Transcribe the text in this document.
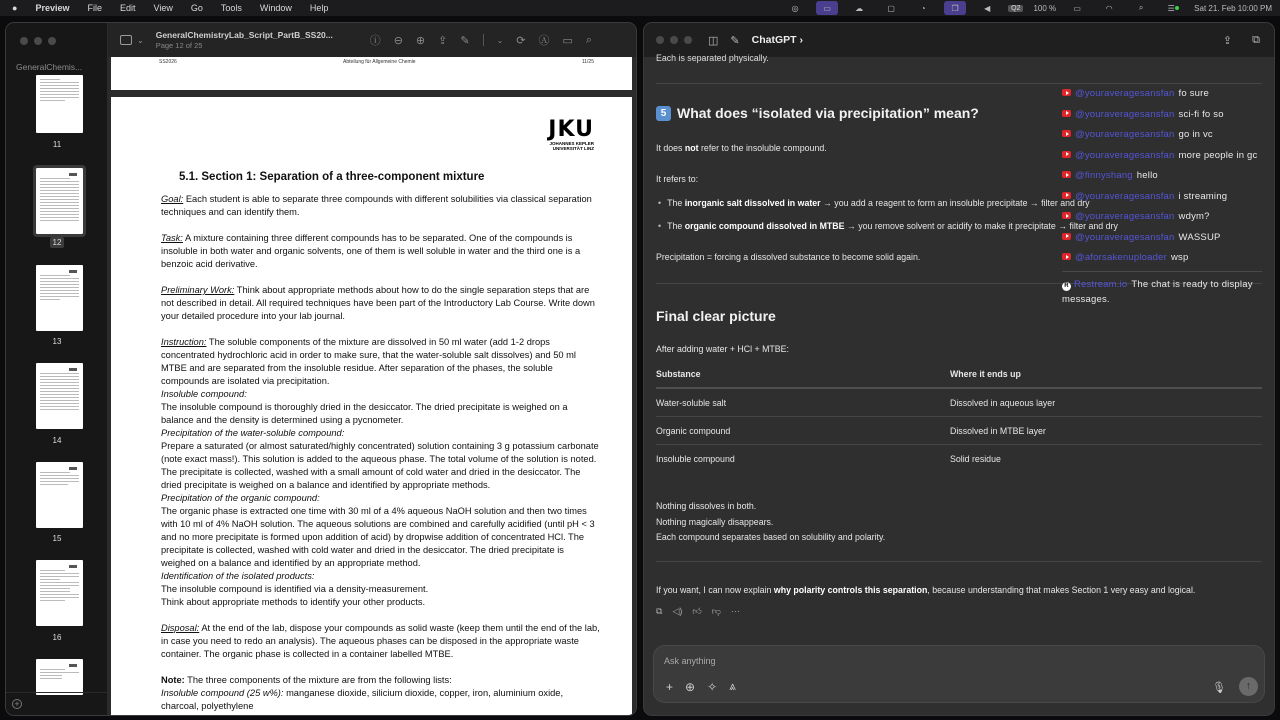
● Preview File Edit View Go Tools Window Help	◎	▭	☁	▢	◔	❐	◀	Q2	100 %	▭	◠	⌕	☰	Sat 21. Feb 10:00 PM
GeneralChemis...
11
12
13
14
15
16
+
⌄ GeneralChemistryLab_Script_PartB_SS20...
Page 12 of 25	ⓘ ⊖ ⊕ ⇪ ✎	⌄ ⟳ Ⓐ ▭ ⌕
SS2026	Abteilung für Allgemeine Chemie	11/25
JKU
JOHANNES KEPLER
UNIVERSITÄT LINZ
5.1. Section 1: Separation of a three-component mixture

Goal: Each student is able to separate three compounds with different solubilities via classical separation techniques and can identify them.

Task: A mixture containing three different compounds has to be separated. One of the compounds is insoluble in both water and organic solvents, one of them is well soluble in water and the third one is a benzoic acid derivative.

Preliminary Work: Think about appropriate methods about how to do the single separation steps that are not described in detail. All required techniques have been part of the Introductory Lab Course. Write down your detailed procedure into your lab journal.

Instruction: The soluble components of the mixture are dissolved in 50 ml water (add 1-2 drops concentrated hydrochloric acid in order to make sure, that the water-soluble salt dissolves) and 50 ml MTBE and are separated from the insoluble residue. After separation of the phases, the soluble compounds are isolated via precipitation.

Insoluble compound:

The insoluble compound is thoroughly dried in the desiccator. The dried precipitate is weighed on a balance and the density is determined using a pycnometer.

Precipitation of the water-soluble compound:

Prepare a saturated (or almost saturated/highly concentrated) solution containing 3 g potassium carbonate (note exact mass!). This solution is added to the aqueous phase. The total volume of the solution is noted. The precipitate is collected, washed with a small amount of cold water and dried in the desiccator. The dried precipitate is weighed on a balance and identified by appropriate methods.

Precipitation of the organic compound:

The organic phase is extracted one time with 30 ml of a 4% aqueous NaOH solution and then two times with 10 ml of 4% NaOH solution. The aqueous solutions are combined and carefully acidified (until pH < 3 and no more precipitate is formed upon addition of acid) by dropwise addition of concentrated HCl. The precipitate is collected, washed with cold water and dried in the desiccator. The dried precipitate is weighed on a balance and identified by an appropriate method.

Identification of the isolated products:

The insoluble compound is identified via a density-measurement.

Think about appropriate methods to identify your other products.

Disposal: At the end of the lab, dispose your compounds as solid waste (keep them until the end of the lab, in case you need to redo an analysis). The aqueous phases can be disposed in the appropriate waste container. The organic phase is collected in a container labelled MTBE.

Note: The three components of the mixture are from the following lists:

Insoluble compound (25 w%): manganese dioxide, silicium dioxide, copper, iron, aluminium oxide, charcoal, polyethylene

◫ ✎ ChatGPT ›	⇪ ⧉
Each is separated physically.
5 What does “isolated via precipitation” mean?
It does not refer to the insoluble compound.
It refers to:
• The inorganic salt dissolved in water → you add a reagent to form an insoluble precipitate → filter and dry
• The organic compound dissolved in MTBE → you remove solvent or acidify to make it precipitate → filter and dry
Precipitation = forcing a dissolved substance to become solid again.
Final clear picture
After adding water + HCl + MTBE:
Substance	Where it ends up
Water-soluble salt	Dissolved in aqueous layer
Organic compound	Dissolved in MTBE layer
Insoluble compound	Solid residue
Nothing dissolves in both.
Nothing magically disappears.
Each compound separates based on solubility and polarity.
If you want, I can now explain why polarity controls this separation, because understanding that makes Section 1 very easy and logical.
⧉ ◁) 👍︎ 👎︎ ···
Ask anything
+ ⊕ ✧ ⩓	🎙︎	↑
@youraveragesansfan fo sure
@youraveragesansfan sci-fi fo so
@youraveragesansfan go in vc
@youraveragesansfan more people in gc
@finnyshang hello
@youraveragesansfan i streaming
@youraveragesansfan wdym?
@youraveragesansfan WASSUP
@aforsakenuploader wsp
R Restream.io The chat is ready to display messages.
